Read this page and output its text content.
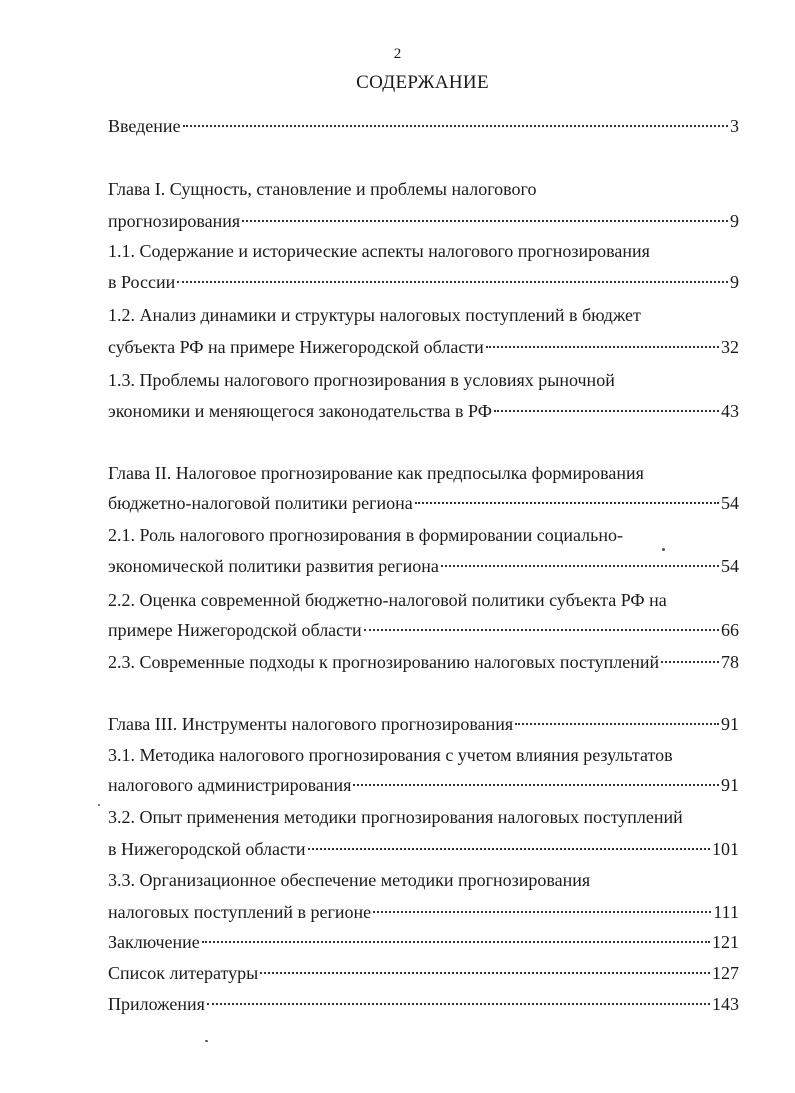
2
СОДЕРЖАНИЕ
Введение	3
Глава I. Сущность, становление и проблемы налогового
прогнозирования	9
1.1. Содержание и исторические аспекты налогового прогнозирования
в России	9
1.2. Анализ динамики и структуры налоговых поступлений в бюджет
субъекта РФ на примере Нижегородской области	32
1.3. Проблемы налогового прогнозирования в условиях рыночной
экономики и меняющегося законодательства в РФ	43
Глава II. Налоговое прогнозирование как предпосылка формирования
бюджетно-налоговой политики региона	54
2.1. Роль налогового прогнозирования в формировании социально-
экономической политики развития региона	54
2.2. Оценка современной бюджетно-налоговой политики субъекта РФ на
примере Нижегородской области	66
2.3. Современные подходы к прогнозированию налоговых поступлений	78
Глава III. Инструменты налогового прогнозирования	91
3.1. Методика налогового прогнозирования с учетом влияния результатов
налогового администрирования	91
3.2. Опыт применения методики прогнозирования налоговых поступлений
в Нижегородской области	101
3.3. Организационное обеспечение методики прогнозирования
налоговых поступлений в регионе	111
Заключение	121
Список литературы	127
Приложения	143
